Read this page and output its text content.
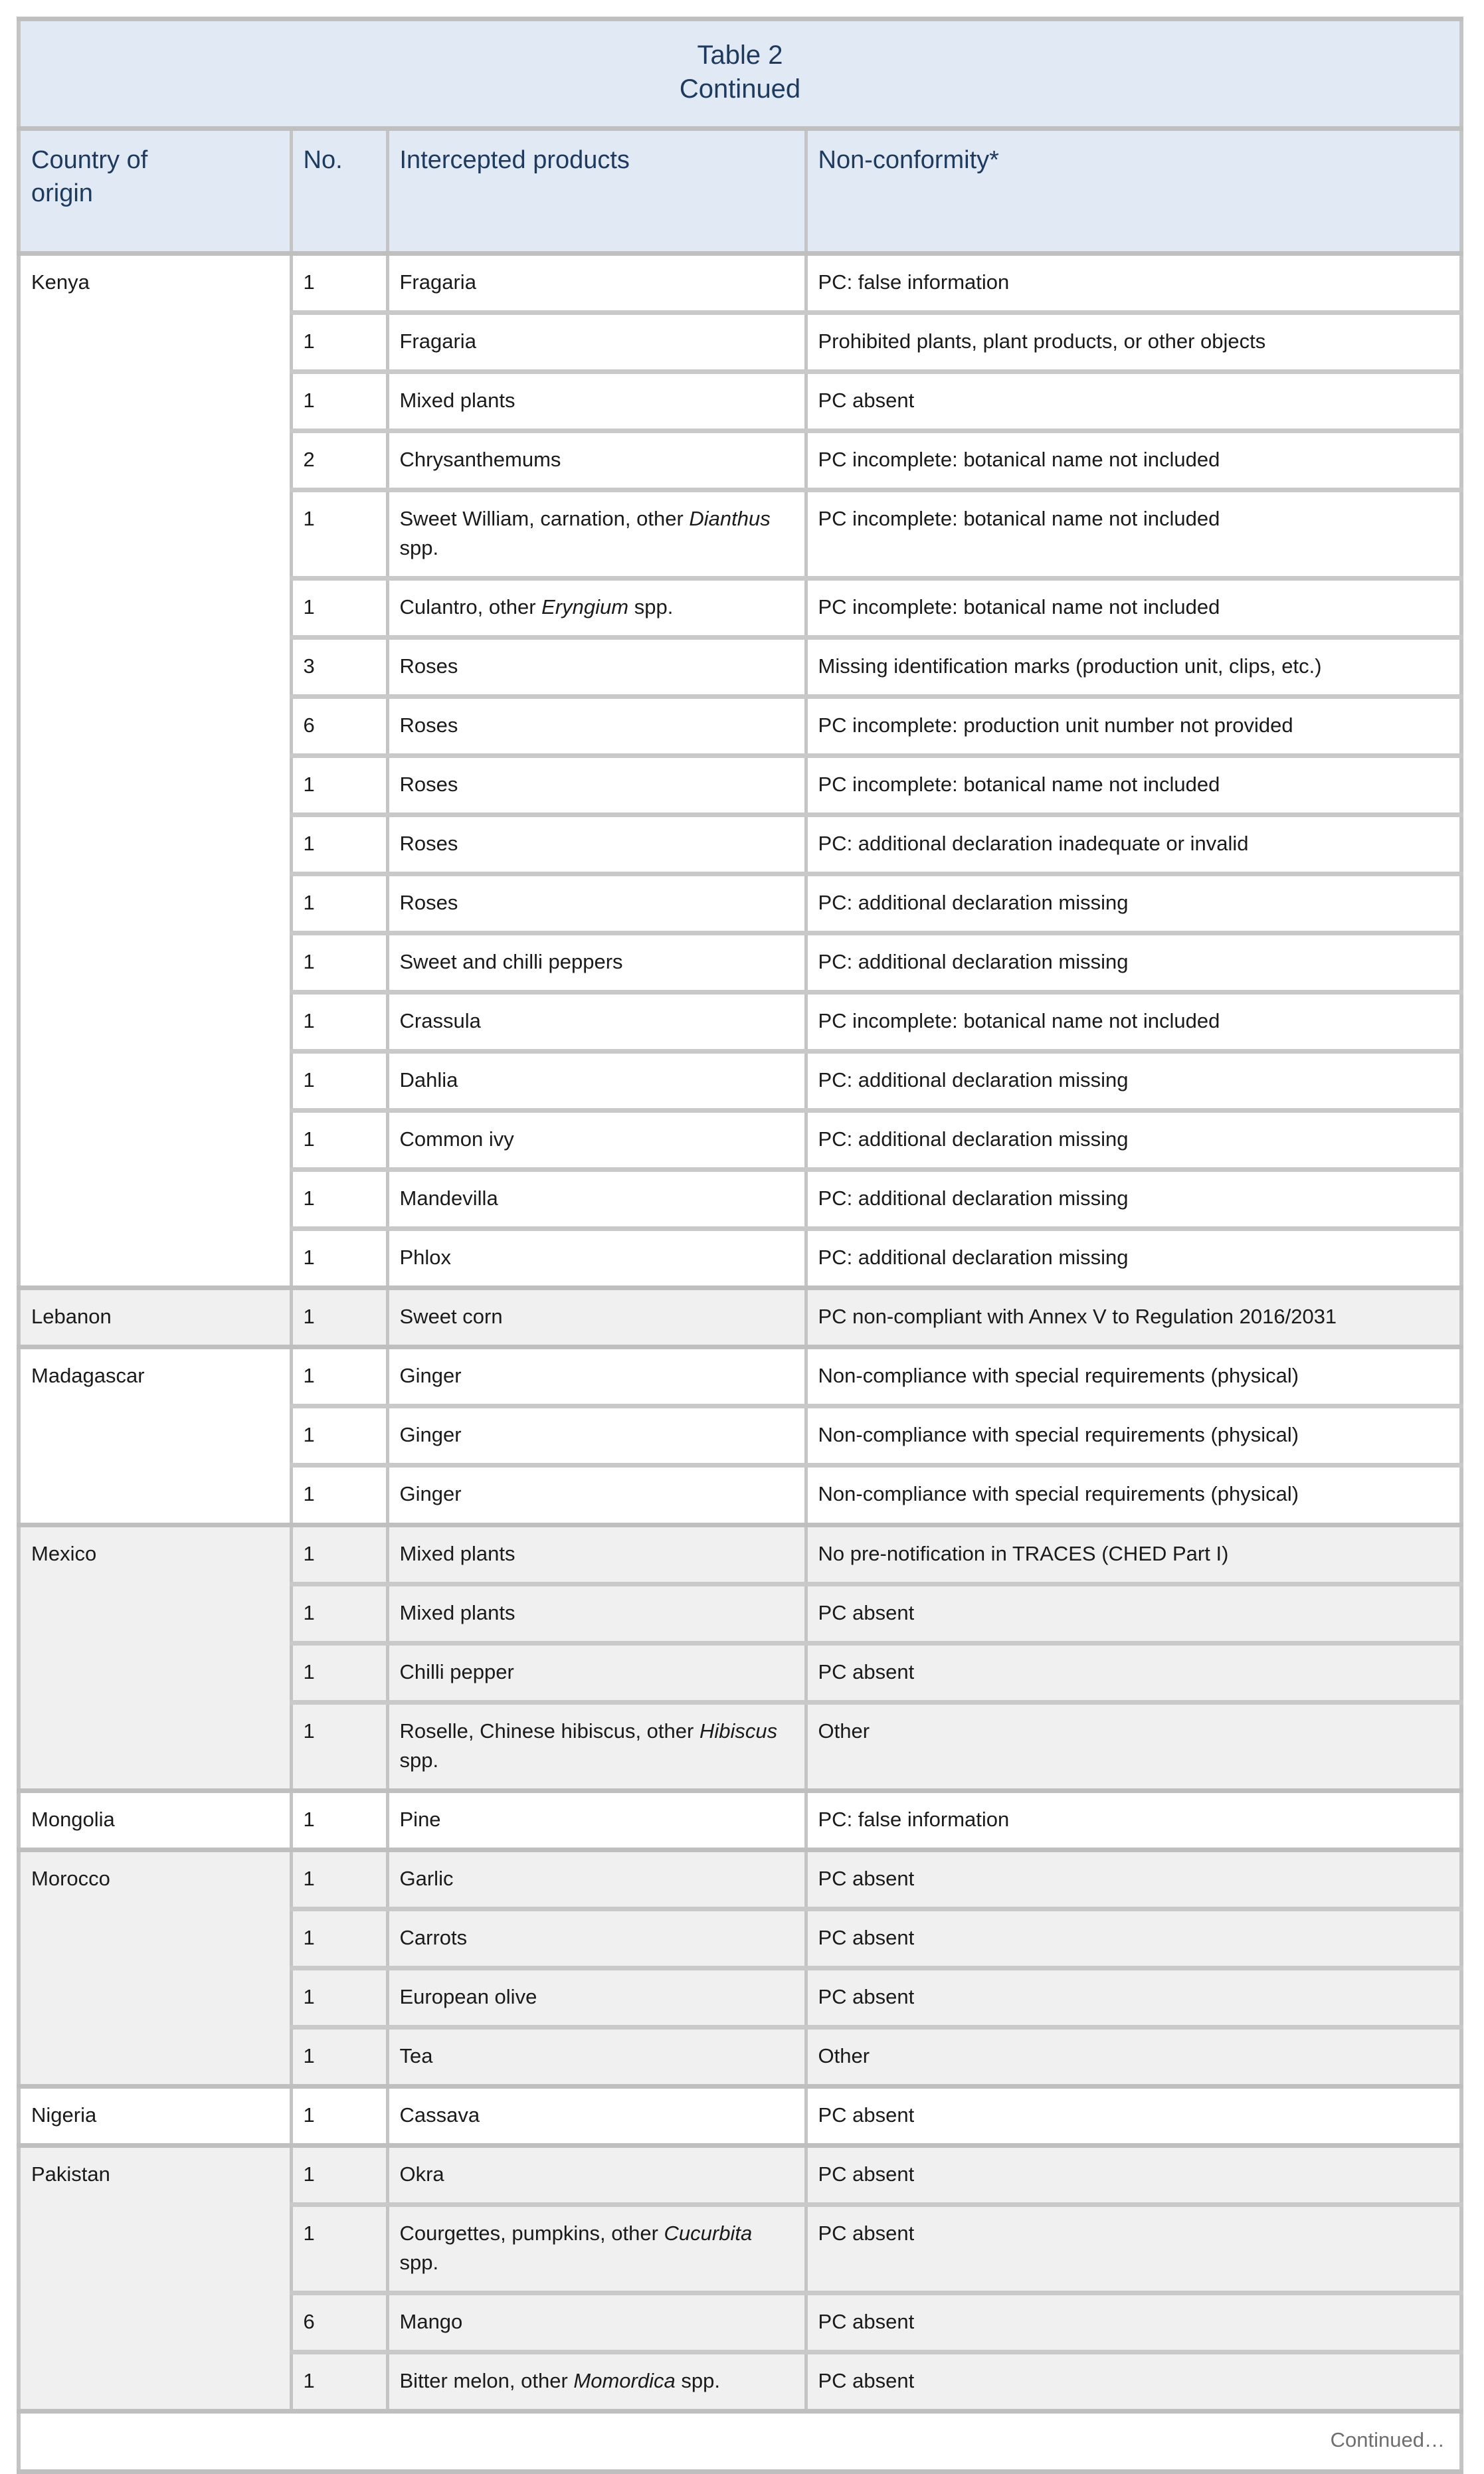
Table 2
Continued			

Country of
origin	No.	Intercepted products	Non-conformity*
Kenya	1	Fragaria	PC: false information
	1	Fragaria	Prohibited plants, plant products, or other objects
	1	Mixed plants	PC absent
	2	Chrysanthemums	PC incomplete: botanical name not included
	1	Sweet William, carnation, other Dianthus spp.	PC incomplete: botanical name not included
	1	Culantro, other Eryngium spp.	PC incomplete: botanical name not included
	3	Roses	Missing identification marks (production unit, clips, etc.)
	6	Roses	PC incomplete: production unit number not provided
	1	Roses	PC incomplete: botanical name not included
	1	Roses	PC: additional declaration inadequate or invalid
	1	Roses	PC: additional declaration missing
	1	Sweet and chilli peppers	PC: additional declaration missing
	1	Crassula	PC incomplete: botanical name not included
	1	Dahlia	PC: additional declaration missing
	1	Common ivy	PC: additional declaration missing
	1	Mandevilla	PC: additional declaration missing
	1	Phlox	PC: additional declaration missing
Lebanon	1	Sweet corn	PC non-compliant with Annex V to Regulation 2016/2031
Madagascar	1	Ginger	Non-compliance with special requirements (physical)
	1	Ginger	Non-compliance with special requirements (physical)
	1	Ginger	Non-compliance with special requirements (physical)
Mexico	1	Mixed plants	No pre-notification in TRACES (CHED Part I)
	1	Mixed plants	PC absent
	1	Chilli pepper	PC absent
	1	Roselle, Chinese hibiscus, other Hibiscus spp.	Other
Mongolia	1	Pine	PC: false information
Morocco	1	Garlic	PC absent
	1	Carrots	PC absent
	1	European olive	PC absent
	1	Tea	Other
Nigeria	1	Cassava	PC absent
Pakistan	1	Okra	PC absent
	1	Courgettes, pumpkins, other Cucurbita spp.	PC absent
	6	Mango	PC absent
	1	Bitter melon, other Momordica spp.	PC absent
Continued…			
